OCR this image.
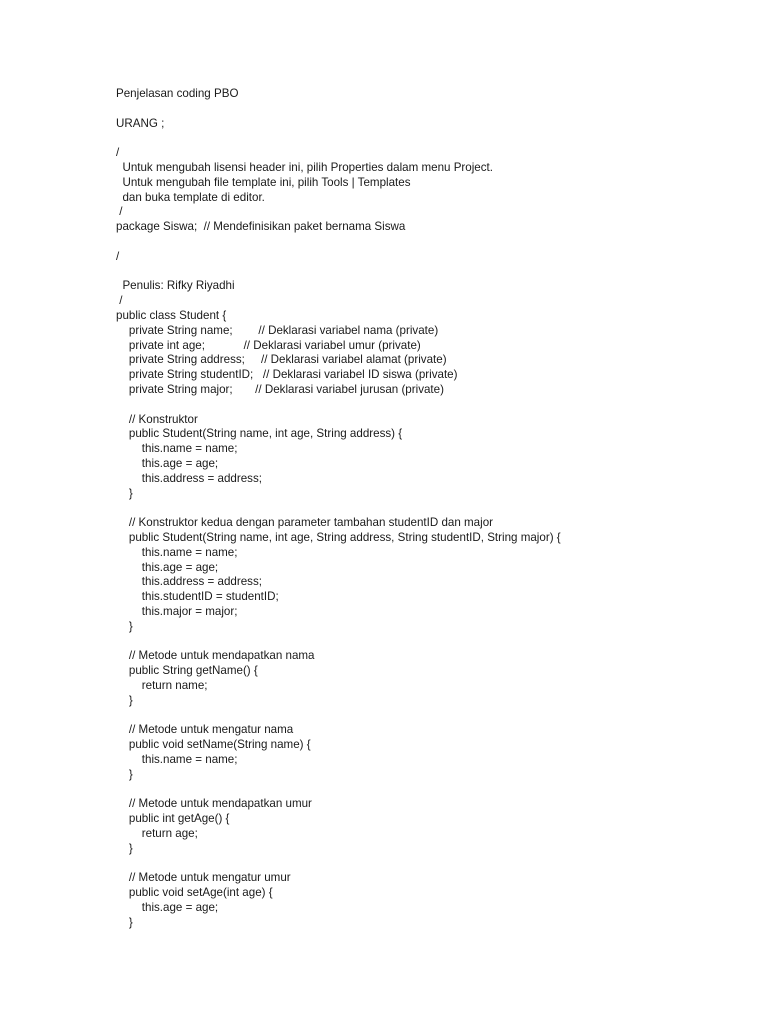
Penjelasan coding PBO
URANG ;
/
Untuk mengubah lisensi header ini, pilih Properties dalam menu Project.
Untuk mengubah file template ini, pilih Tools | Templates
dan buka template di editor.
/
package Siswa;  // Mendefinisikan paket bernama Siswa
/
Penulis: Rifky Riyadhi
/
public class Student {
private String name;        // Deklarasi variabel nama (private)
private int age;            // Deklarasi variabel umur (private)
private String address;     // Deklarasi variabel alamat (private)
private String studentID;   // Deklarasi variabel ID siswa (private)
private String major;       // Deklarasi variabel jurusan (private)
// Konstruktor
public Student(String name, int age, String address) {
this.name = name;
this.age = age;
this.address = address;
}
// Konstruktor kedua dengan parameter tambahan studentID dan major
public Student(String name, int age, String address, String studentID, String major) {
this.name = name;
this.age = age;
this.address = address;
this.studentID = studentID;
this.major = major;
}
// Metode untuk mendapatkan nama
public String getName() {
return name;
}
// Metode untuk mengatur nama
public void setName(String name) {
this.name = name;
}
// Metode untuk mendapatkan umur
public int getAge() {
return age;
}
// Metode untuk mengatur umur
public void setAge(int age) {
this.age = age;
}
